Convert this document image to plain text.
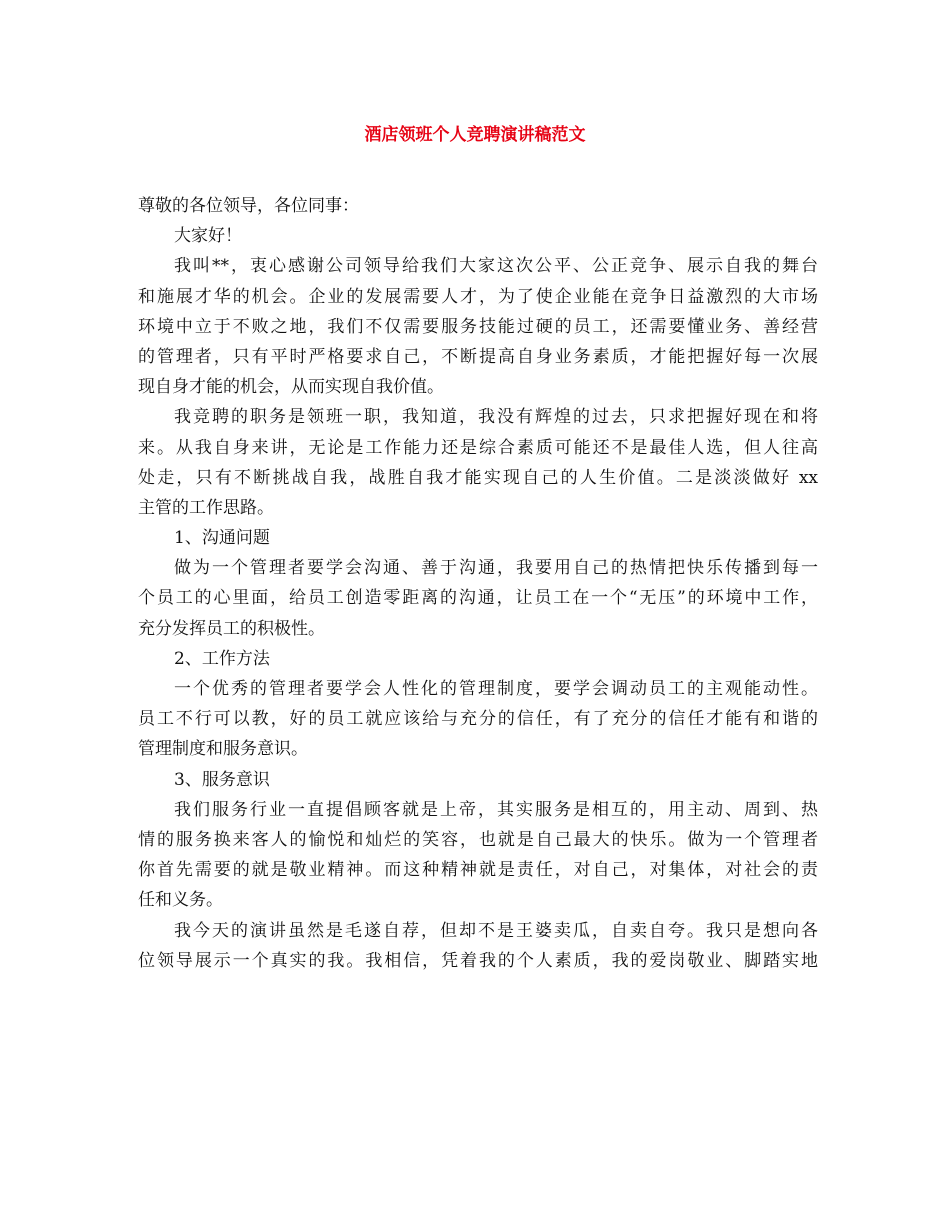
酒店领班个人竞聘演讲稿范文

尊敬的各位领导，各位同事：

大家好！

我叫**，衷心感谢公司领导给我们大家这次公平、公正竞争、展示自我的舞台

和施展才华的机会。企业的发展需要人才，为了使企业能在竞争日益激烈的大市场

环境中立于不败之地，我们不仅需要服务技能过硬的员工，还需要懂业务、善经营

的管理者，只有平时严格要求自己，不断提高自身业务素质，才能把握好每一次展

现自身才能的机会，从而实现自我价值。

我竞聘的职务是领班一职，我知道，我没有辉煌的过去，只求把握好现在和将

来。从我自身来讲，无论是工作能力还是综合素质可能还不是最佳人选，但人往高

处走，只有不断挑战自我，战胜自我才能实现自己的人生价值。二是淡淡做好 xx

主管的工作思路。

1、沟通问题

做为一个管理者要学会沟通、善于沟通，我要用自己的热情把快乐传播到每一

个员工的心里面，给员工创造零距离的沟通，让员工在一个“无压”的环境中工作，

充分发挥员工的积极性。

2、工作方法

一个优秀的管理者要学会人性化的管理制度，要学会调动员工的主观能动性。

员工不行可以教，好的员工就应该给与充分的信任，有了充分的信任才能有和谐的

管理制度和服务意识。

3、服务意识

我们服务行业一直提倡顾客就是上帝，其实服务是相互的，用主动、周到、热

情的服务换来客人的愉悦和灿烂的笑容，也就是自己最大的快乐。做为一个管理者

你首先需要的就是敬业精神。而这种精神就是责任，对自己，对集体，对社会的责

任和义务。

我今天的演讲虽然是毛遂自荐，但却不是王婆卖瓜，自卖自夸。我只是想向各

位领导展示一个真实的我。我相信，凭着我的个人素质，我的爱岗敬业、脚踏实地
